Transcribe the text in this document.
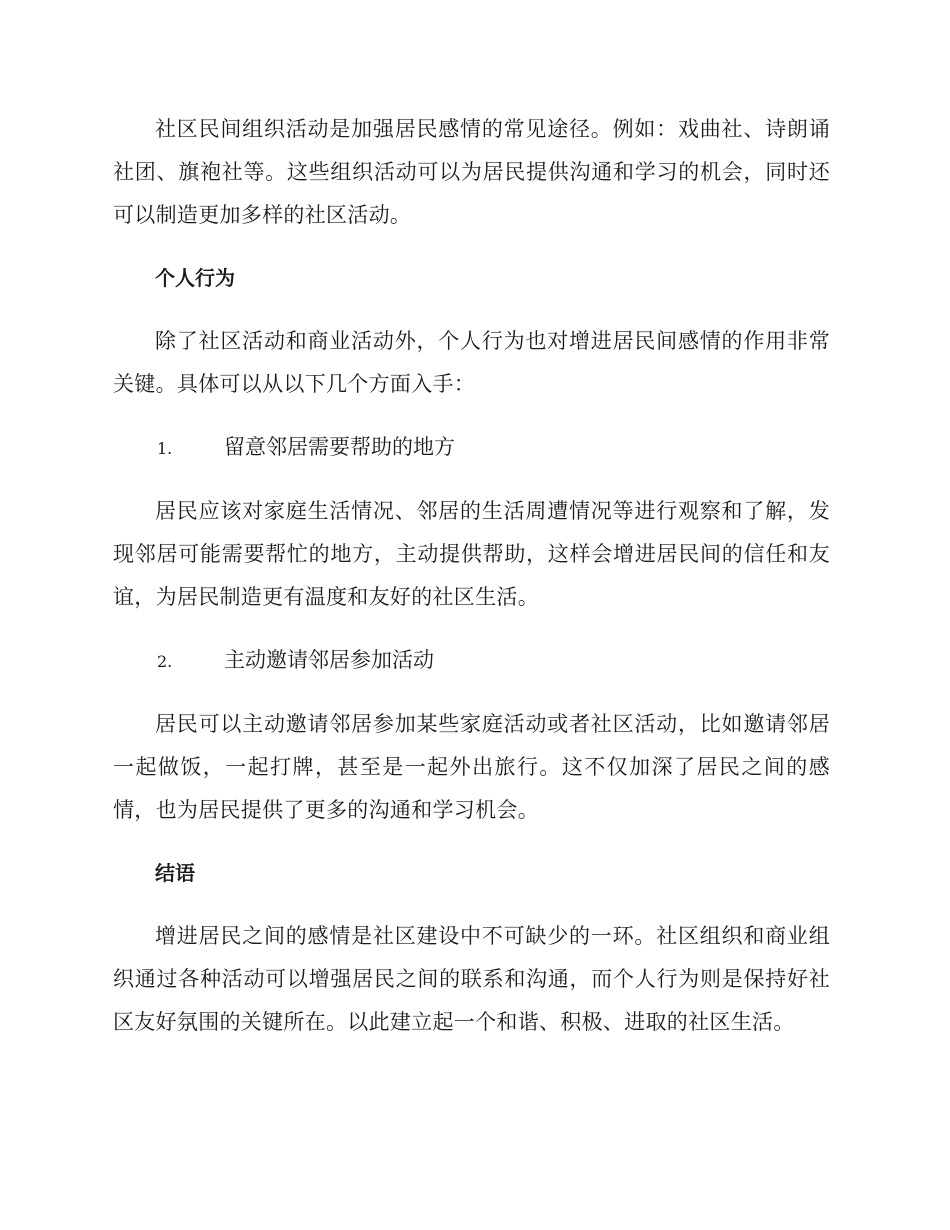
社区民间组织活动是加强居民感情的常见途径。例如：戏曲社、诗朗诵社团、旗袍社等。这些组织活动可以为居民提供沟通和学习的机会，同时还可以制造更加多样的社区活动。

个人行为

除了社区活动和商业活动外，个人行为也对增进居民间感情的作用非常关键。具体可以从以下几个方面入手：

1.	留意邻居需要帮助的地方

居民应该对家庭生活情况、邻居的生活周遭情况等进行观察和了解，发现邻居可能需要帮忙的地方，主动提供帮助，这样会增进居民间的信任和友谊，为居民制造更有温度和友好的社区生活。

2.	主动邀请邻居参加活动

居民可以主动邀请邻居参加某些家庭活动或者社区活动，比如邀请邻居一起做饭，一起打牌，甚至是一起外出旅行。这不仅加深了居民之间的感情，也为居民提供了更多的沟通和学习机会。

结语

增进居民之间的感情是社区建设中不可缺少的一环。社区组织和商业组织通过各种活动可以增强居民之间的联系和沟通，而个人行为则是保持好社区友好氛围的关键所在。以此建立起一个和谐、积极、进取的社区生活。
